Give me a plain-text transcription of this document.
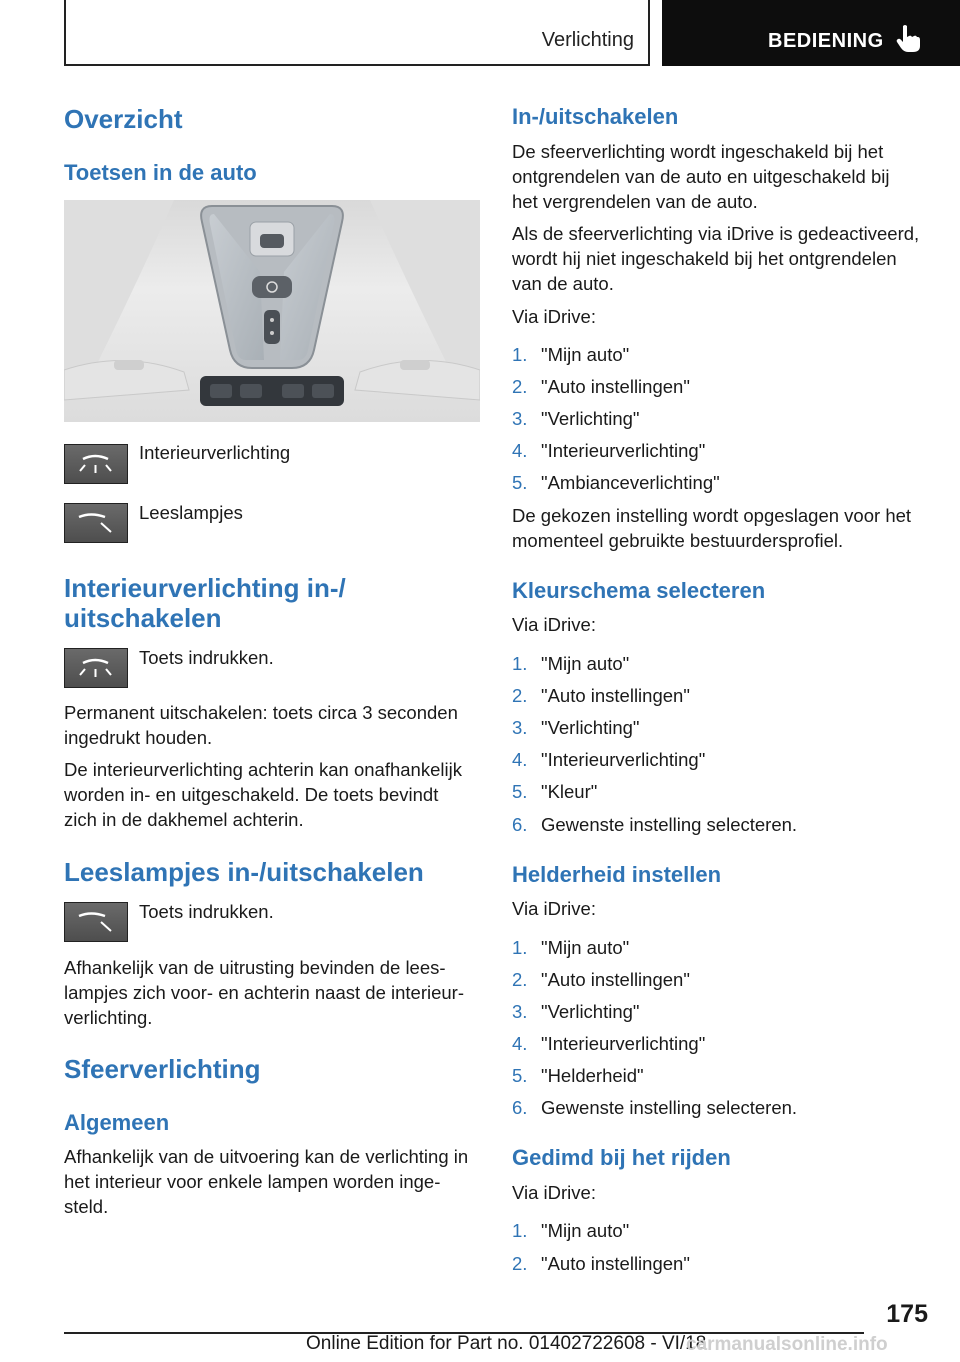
Verlichting	BEDIENING
Overzicht
Toetsen in de auto
Interieurverlichting
Leeslampjes
Interieurverlichting in-/
uitschakelen
Toets indrukken.
Permanent uitschakelen: toets circa 3 seconden
ingedrukt houden.
De interieurverlichting achterin kan onafhankelijk
worden in- en uitgeschakeld. De toets bevindt
zich in de dakhemel achterin.
Leeslampjes in-/uitschakelen
Toets indrukken.
Afhankelijk van de uitrusting bevinden de lees-
lampjes zich voor- en achterin naast de interieur-
verlichting.
Sfeerverlichting
Algemeen
Afhankelijk van de uitvoering kan de verlichting in
het interieur voor enkele lampen worden inge-
steld.
In-/uitschakelen
De sfeerverlichting wordt ingeschakeld bij het
ontgrendelen van de auto en uitgeschakeld bij
het vergrendelen van de auto.
Als de sfeerverlichting via iDrive is gedeactiveerd,
wordt hij niet ingeschakeld bij het ontgrendelen
van de auto.
Via iDrive:
1. "Mijn auto"
2. "Auto instellingen"
3. "Verlichting"
4. "Interieurverlichting"
5. "Ambianceverlichting"
De gekozen instelling wordt opgeslagen voor het
momenteel gebruikte bestuurdersprofiel.
Kleurschema selecteren
Via iDrive:
1. "Mijn auto"
2. "Auto instellingen"
3. "Verlichting"
4. "Interieurverlichting"
5. "Kleur"
6. Gewenste instelling selecteren.
Helderheid instellen
Via iDrive:
1. "Mijn auto"
2. "Auto instellingen"
3. "Verlichting"
4. "Interieurverlichting"
5. "Helderheid"
6. Gewenste instelling selecteren.
Gedimd bij het rijden
Via iDrive:
1. "Mijn auto"
2. "Auto instellingen"
175
Online Edition for Part no. 01402722608 - VI/18
carmanualsonline.info
